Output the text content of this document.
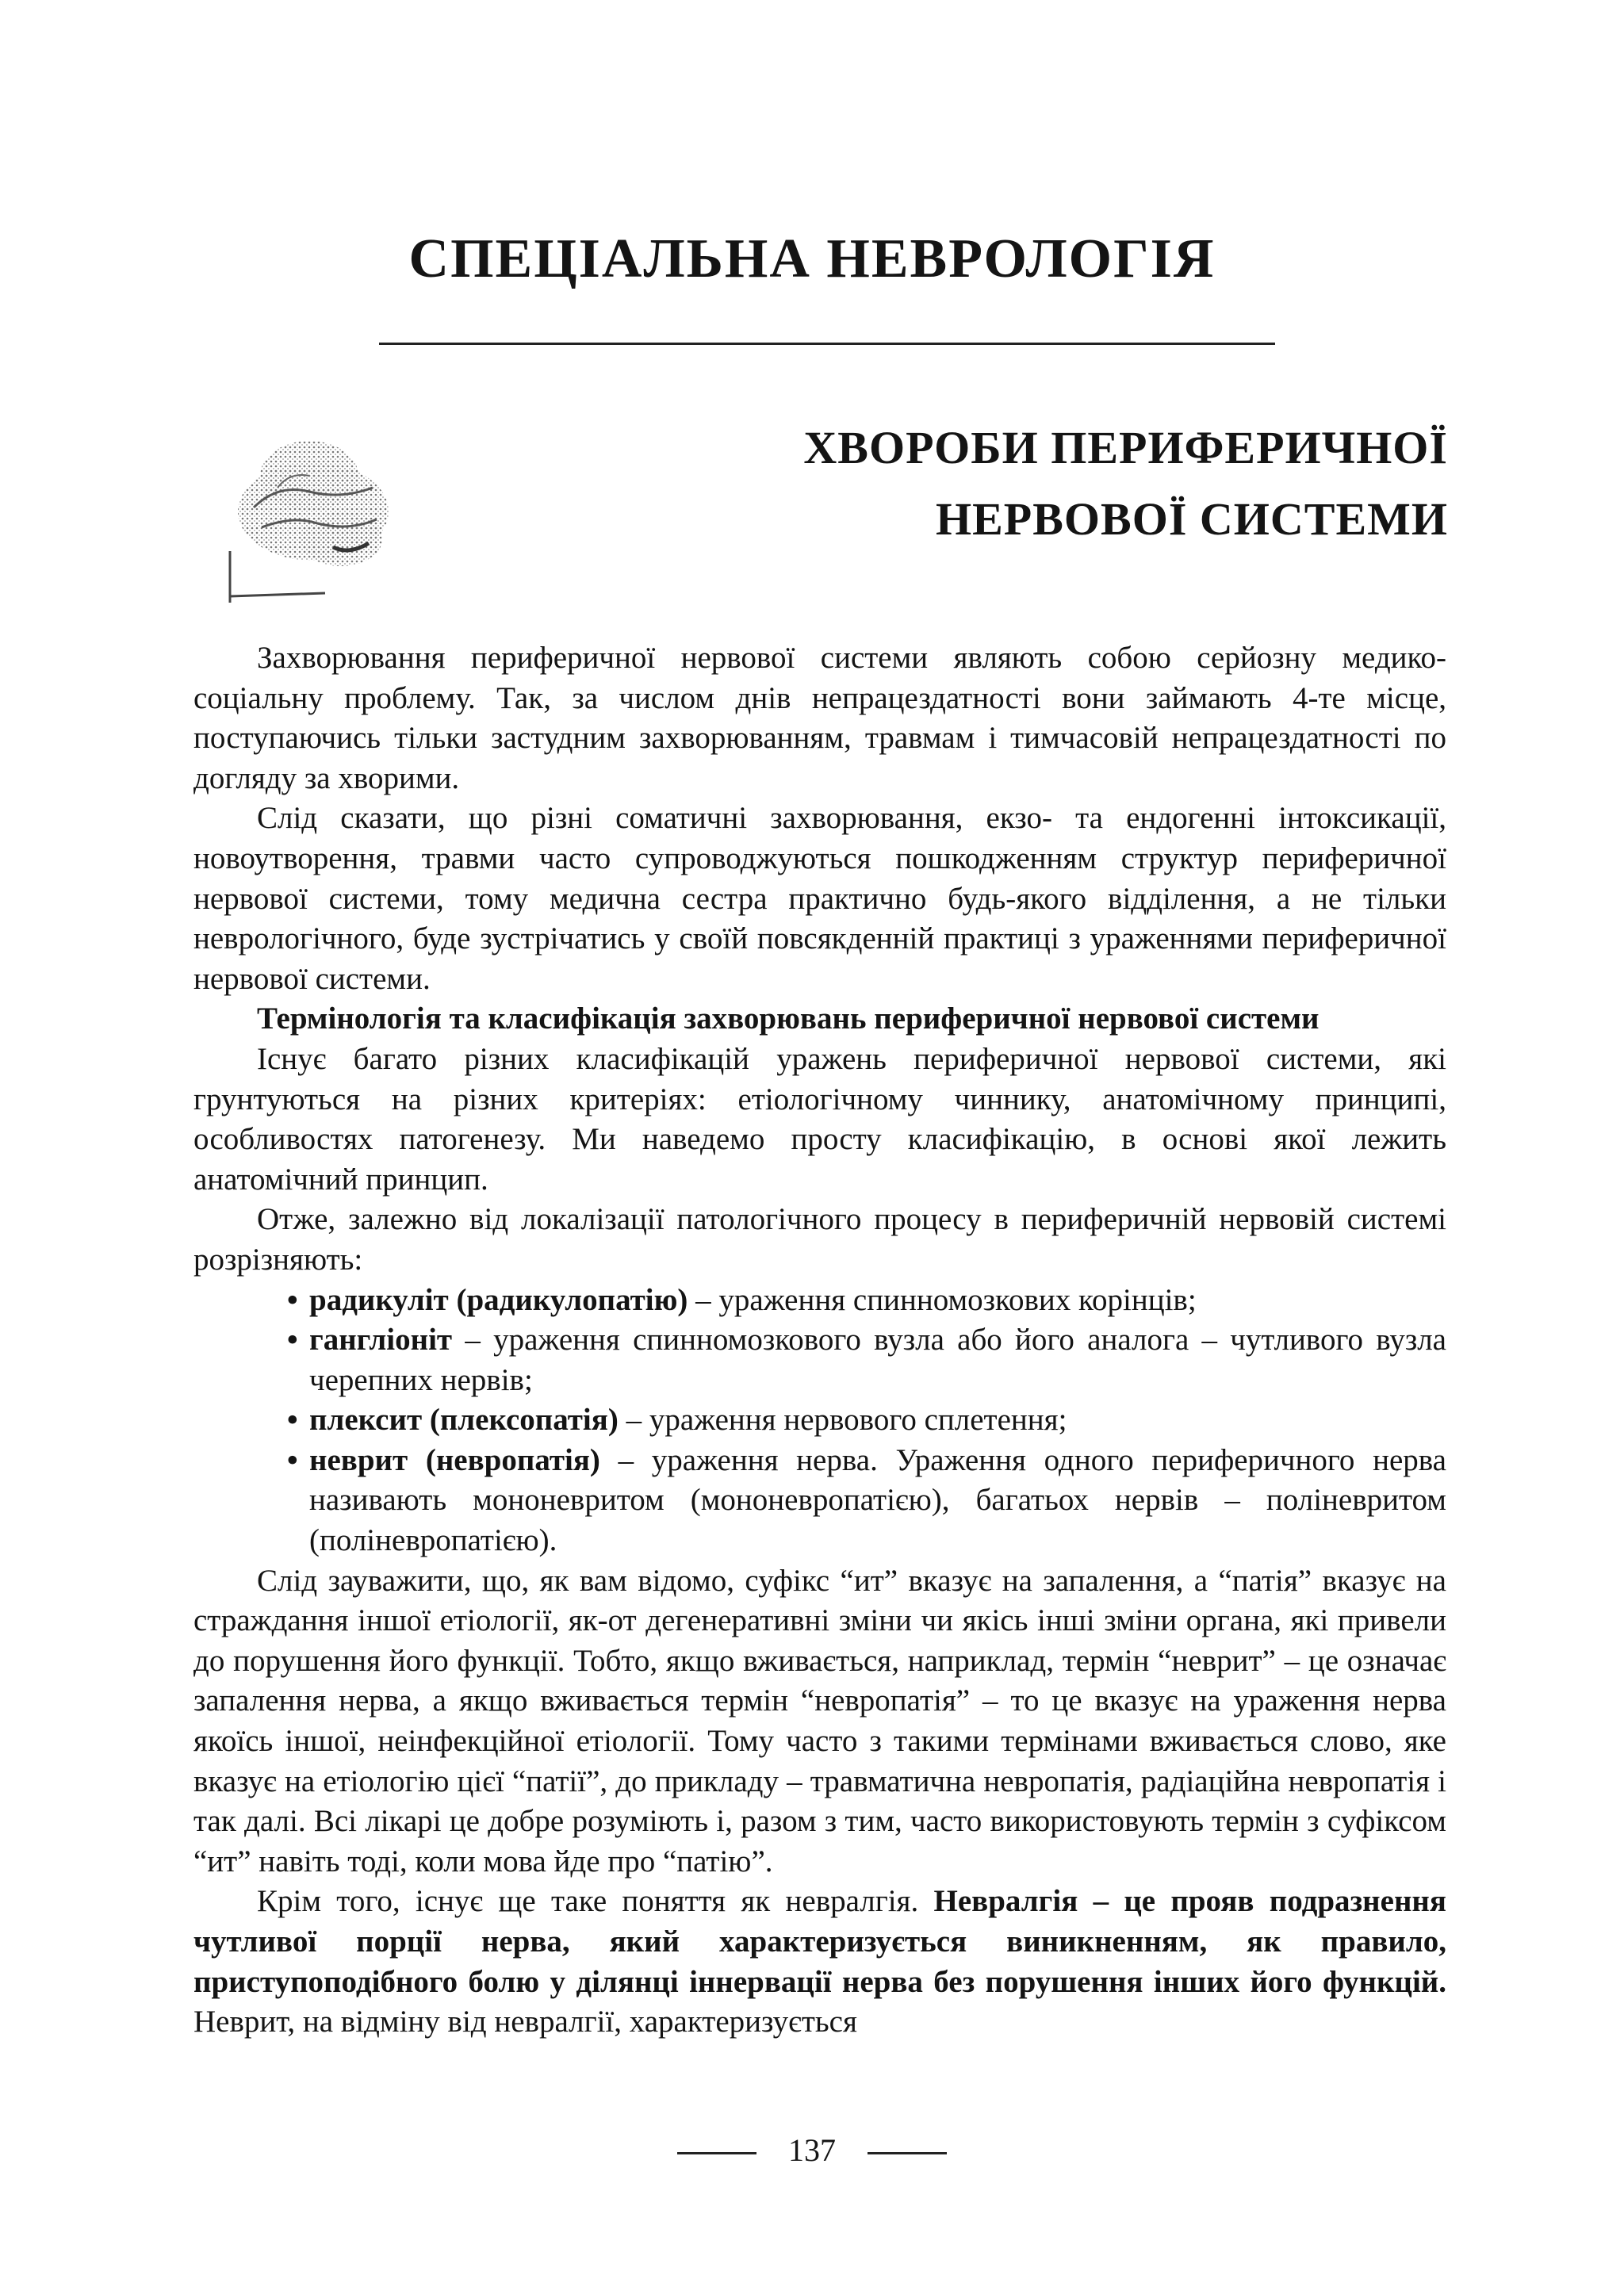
СПЕЦІАЛЬНА НЕВРОЛОГІЯ
ХВОРОБИ ПЕРИФЕРИЧНОЇ
НЕРВОВОЇ СИСТЕМИ

Захворювання периферичної нервової системи являють собою серйозну медико-соціальну проблему. Так, за числом днів непрацездатності вони займають 4-те місце, поступаючись тільки застудним захворюванням, травмам і тимчасовій непрацездатності по догляду за хворими.

Слід сказати, що різні соматичні захворювання, екзо- та ендогенні інтоксикації, новоутворення, травми часто супроводжуються пошкодженням структур периферичної нервової системи, тому медична сестра практично будь-якого відділення, а не тільки неврологічного, буде зустрічатись у своїй повсякденній практиці з ураженнями периферичної нервової системи.

Термінологія та класифікація захворювань периферичної нервової системи

Існує багато різних класифікацій уражень периферичної нервової системи, які грунтуються на різних критеріях: етіологічному чиннику, анатомічному принципі, особливостях патогенезу. Ми наведемо просту класифікацію, в основі якої лежить анатомічний принцип.

Отже, залежно від локалізації патологічного процесу в периферичній нервовій системі розрізняють:

• радикуліт (радикулопатію) – ураження спинномозкових корінців;
• гангліоніт – ураження спинномозкового вузла або його аналога – чутливого вузла черепних нервів;
• плексит (плексопатія) – ураження нервового сплетення;
• неврит (невропатія) – ураження нерва. Ураження одного периферичного нерва називають мононевритом (мононевропатією), багатьох нервів – полiневритом (полiневропатією).

Слід зауважити, що, як вам відомо, суфікс “ит” вказує на запалення, а “патія” вказує на страждання іншої етіології, як-от дегенеративні зміни чи якісь інші зміни органа, які привели до порушення його функції. Тобто, якщо вживається, наприклад, термін “неврит” – це означає запалення нерва, а якщо вживається термін “невропатія” – то це вказує на ураження нерва якоїсь іншої, неінфекційної етіології. Тому часто з такими термінами вживається слово, яке вказує на етіологію цієї “патії”, до прикладу – травматична невропатія, радіаційна невропатія і так далі. Всі лікарі це добре розуміють і, разом з тим, часто використовують термін з суфіксом “ит” навіть тоді, коли мова йде про “патію”.

Крім того, існує ще таке поняття як невралгія. Невралгія – це прояв подразнення чутливої порції нерва, який характеризується виникненням, як правило, приступоподібного болю у ділянці іннервації нерва без порушення інших його функцій. Неврит, на відміну від невралгії, характеризується

137
